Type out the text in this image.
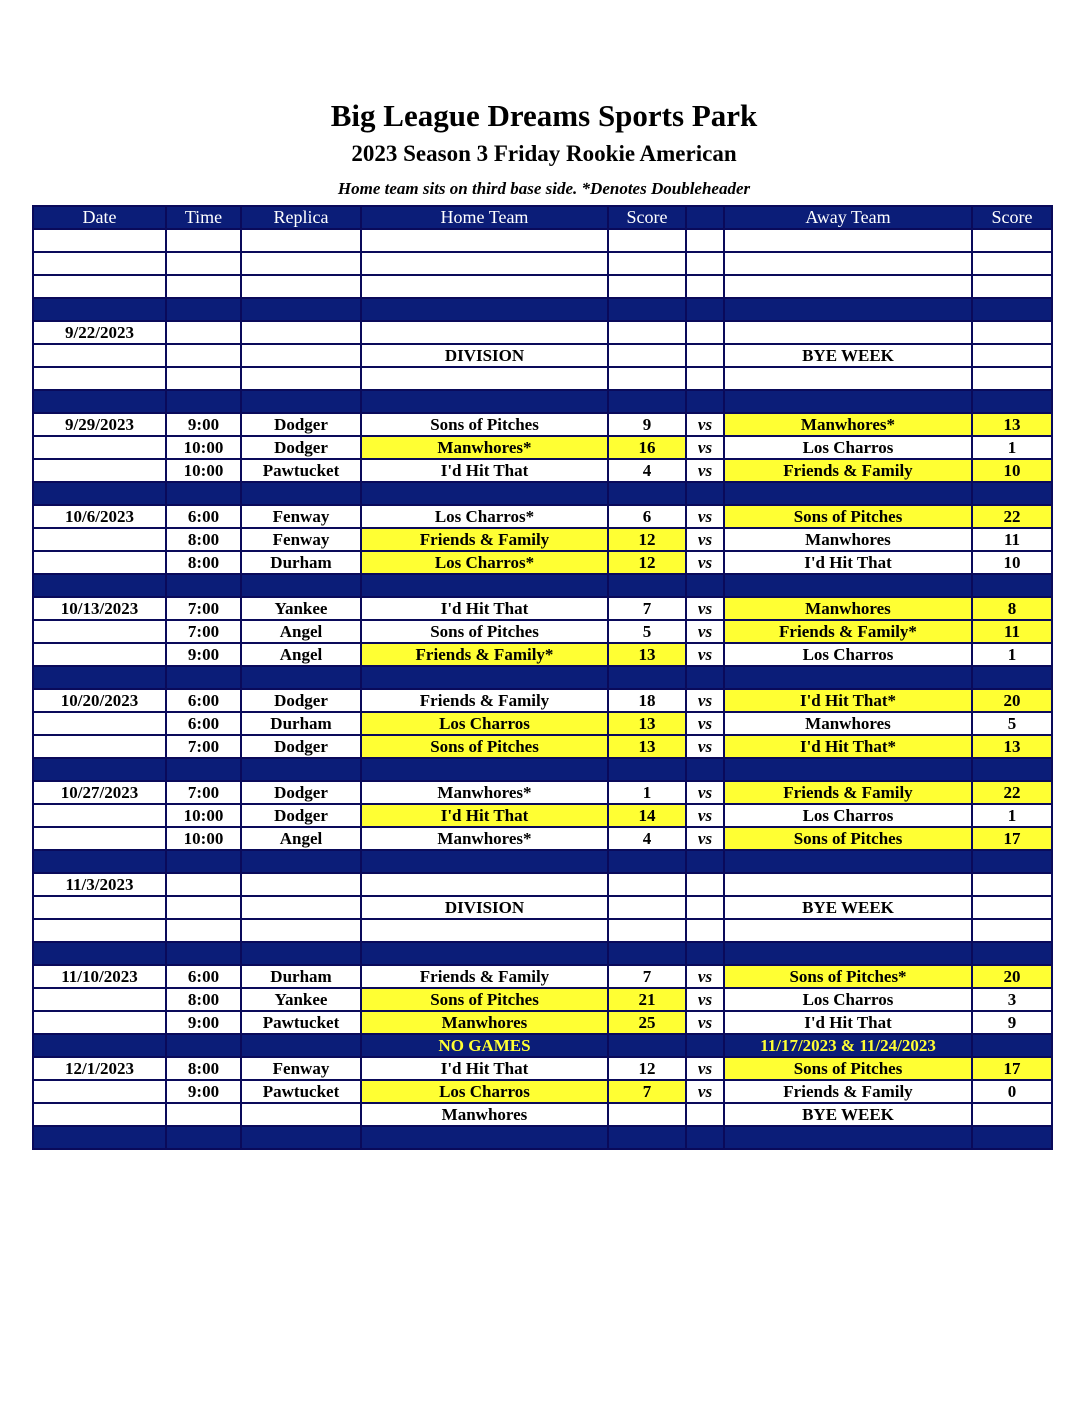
Big League Dreams Sports Park
2023 Season 3 Friday Rookie American
Home team sits on third base side. *Denotes Doubleheader
Date	Time	Replica	Home Team	Score		Away Team	Score

9/22/2023							
			DIVISION			BYE WEEK	

9/29/2023	9:00	Dodger	Sons of Pitches	9	vs	Manwhores*	13
	10:00	Dodger	Manwhores*	16	vs	Los Charros	1
	10:00	Pawtucket	I'd Hit That	4	vs	Friends & Family	10

10/6/2023	6:00	Fenway	Los Charros*	6	vs	Sons of Pitches	22
	8:00	Fenway	Friends & Family	12	vs	Manwhores	11
	8:00	Durham	Los Charros*	12	vs	I'd Hit That	10

10/13/2023	7:00	Yankee	I'd Hit That	7	vs	Manwhores	8
	7:00	Angel	Sons of Pitches	5	vs	Friends & Family*	11
	9:00	Angel	Friends & Family*	13	vs	Los Charros	1

10/20/2023	6:00	Dodger	Friends & Family	18	vs	I'd Hit That*	20
	6:00	Durham	Los Charros	13	vs	Manwhores	5
	7:00	Dodger	Sons of Pitches	13	vs	I'd Hit That*	13

10/27/2023	7:00	Dodger	Manwhores*	1	vs	Friends & Family	22
	10:00	Dodger	I'd Hit That	14	vs	Los Charros	1
	10:00	Angel	Manwhores*	4	vs	Sons of Pitches	17

11/3/2023							
			DIVISION			BYE WEEK	

11/10/2023	6:00	Durham	Friends & Family	7	vs	Sons of Pitches*	20
	8:00	Yankee	Sons of Pitches	21	vs	Los Charros	3
	9:00	Pawtucket	Manwhores	25	vs	I'd Hit That	9
			NO GAMES			11/17/2023 & 11/24/2023	
12/1/2023	8:00	Fenway	I'd Hit That	12	vs	Sons of Pitches	17
	9:00	Pawtucket	Los Charros	7	vs	Friends & Family	0
			Manwhores			BYE WEEK	
